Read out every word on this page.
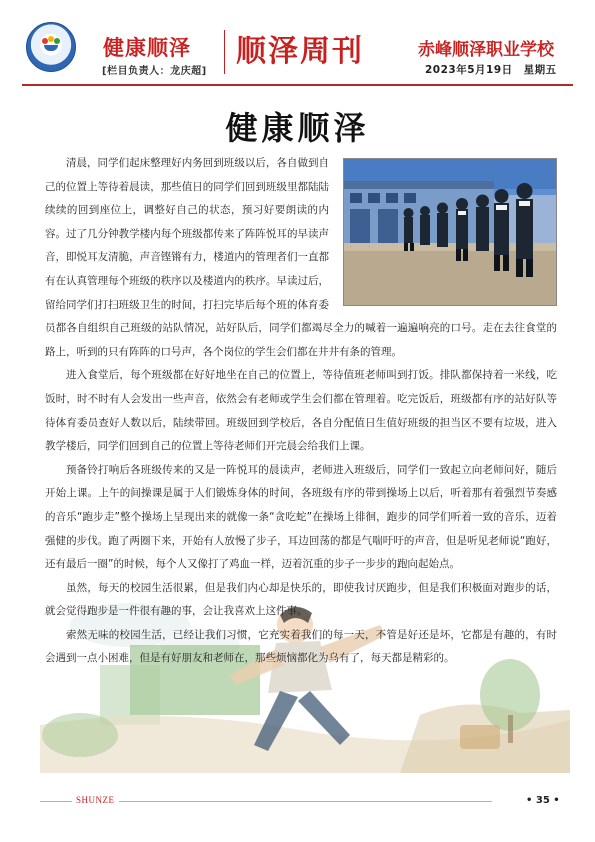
健康顺泽
[栏目负责人：龙庆超]
顺泽周刊	赤峰顺泽职业学校
2023年5月19日　星期五
健康顺泽

清晨，同学们起床整理好内务回到班级以后，各自做到自己的位置上等待着晨读，那些值日的同学们回到班级里都陆陆续续的回到座位上，调整好自己的状态，预习好要朗读的内容。过了几分钟教学楼内每个班级都传来了阵阵悦耳的早读声音，即悦耳友清脆，声音铿锵有力，楼道内的管理者们一直都有在认真管理每个班级的秩序以及楼道内的秩序。早读过后，留给同学们打扫班级卫生的时间，打扫完毕后每个班的体育委员都各自组织自己班级的站队情况，站好队后，同学们都竭尽全力的喊着一遍遍响亮的口号。走在去往食堂的路上，听到的只有阵阵的口号声，各个岗位的学生会们都在井井有条的管理。

进入食堂后，每个班级都在好好地坐在自己的位置上，等待值班老师叫到打饭。排队都保持着一米线，吃饭时，时不时有人会发出一些声音，依然会有老师或学生会们都在管理着。吃完饭后，班级都有序的站好队等待体育委员查好人数以后，陆续带回。班级回到学校后，各自分配值日生值好班级的担当区不要有垃圾，进入教学楼后，同学们回到自己的位置上等待老师们开完晨会给我们上课。

预备铃打响后各班级传来的又是一阵悦耳的晨读声，老师进入班级后，同学们一致起立向老师问好，随后开始上课。上午的间操课是属于人们锻炼身体的时间，各班级有序的带到操场上以后，听着那有着强烈节奏感的音乐“跑步走”整个操场上呈现出来的就像一条“贪吃蛇”在操场上徘徊，跑步的同学们听着一致的音乐，迈着强健的步伐。跑了两圈下来，开始有人放慢了步子，耳边回荡的都是气喘吁吁的声音，但是听见老师说“跑好，还有最后一圈”的时候，每个人又像打了鸡血一样，迈着沉重的步子一步步的跑向起始点。

虽然，每天的校园生活很累，但是我们内心却是快乐的，即使我讨厌跑步，但是我们积极面对跑步的话，就会觉得跑步是一件很有趣的事，会让我喜欢上这件事。

索然无味的校园生活，已经让我们习惯，它充实着我们的每一天，不管是好还是坏，它都是有趣的，有时会遇到一点小困难，但是有好朋友和老师在，那些烦恼都化为乌有了，每天都是精彩的。

SHUNZE	• 35 •
